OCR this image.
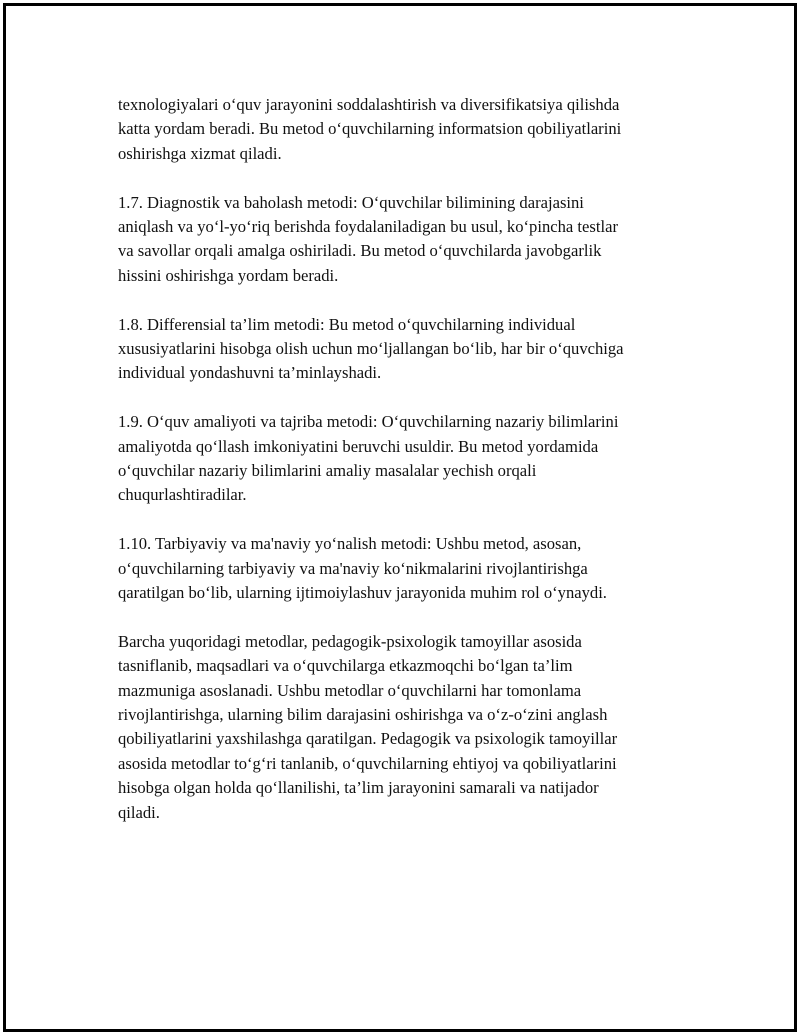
texnologiyalari o‘quv jarayonini soddalashtirish va diversifikatsiya qilishda
katta yordam beradi. Bu metod o‘quvchilarning informatsion qobiliyatlarini
oshirishga xizmat qiladi.

1.7. Diagnostik va baholash metodi: O‘quvchilar bilimining darajasini
aniqlash va yo‘l-yo‘riq berishda foydalaniladigan bu usul, ko‘pincha testlar
va savollar orqali amalga oshiriladi. Bu metod o‘quvchilarda javobgarlik
hissini oshirishga yordam beradi.

1.8. Differensial ta’lim metodi: Bu metod o‘quvchilarning individual
xususiyatlarini hisobga olish uchun mo‘ljallangan bo‘lib, har bir o‘quvchiga
individual yondashuvni ta’minlayshadi.

1.9. O‘quv amaliyoti va tajriba metodi: O‘quvchilarning nazariy bilimlarini
amaliyotda qo‘llash imkoniyatini beruvchi usuldir. Bu metod yordamida
o‘quvchilar nazariy bilimlarini amaliy masalalar yechish orqali
chuqurlashtiradilar.

1.10. Tarbiyaviy va ma'naviy yo‘nalish metodi: Ushbu metod, asosan,
o‘quvchilarning tarbiyaviy va ma'naviy ko‘nikmalarini rivojlantirishga
qaratilgan bo‘lib, ularning ijtimoiylashuv jarayonida muhim rol o‘ynaydi.

Barcha yuqoridagi metodlar, pedagogik-psixologik tamoyillar asosida
tasniflanib, maqsadlari va o‘quvchilarga etkazmoqchi bo‘lgan ta’lim
mazmuniga asoslanadi. Ushbu metodlar o‘quvchilarni har tomonlama
rivojlantirishga, ularning bilim darajasini oshirishga va o‘z-o‘zini anglash
qobiliyatlarini yaxshilashga qaratilgan. Pedagogik va psixologik tamoyillar
asosida metodlar to‘g‘ri tanlanib, o‘quvchilarning ehtiyoj va qobiliyatlarini
hisobga olgan holda qo‘llanilishi, ta’lim jarayonini samarali va natijador
qiladi.
